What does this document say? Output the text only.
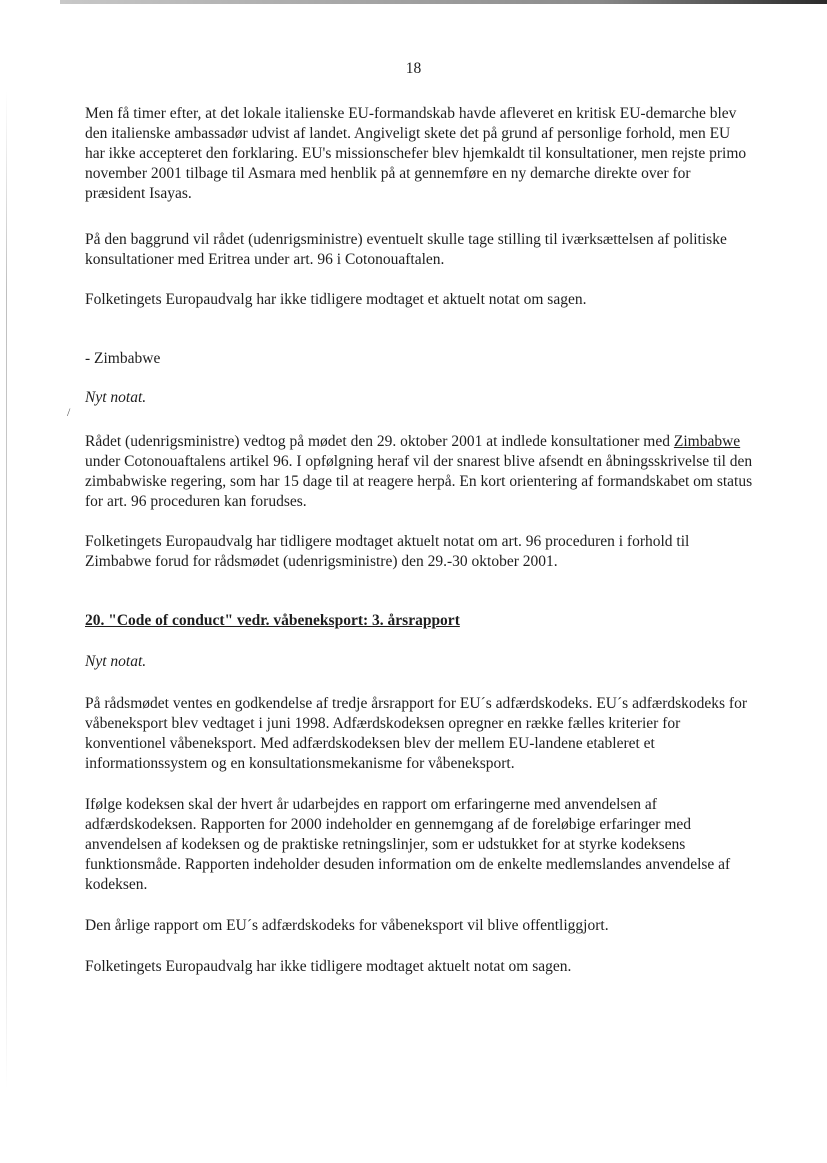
18

Men få timer efter, at det lokale italienske EU-formandskab havde afleveret en kritisk EU-demarche blev den italienske ambassadør udvist af landet. Angiveligt skete det på grund af personlige forhold, men EU har ikke accepteret den forklaring. EU's missionschefer blev hjemkaldt til konsultationer, men rejste primo november 2001 tilbage til Asmara med henblik på at gennemføre en ny demarche direkte over for præsident Isayas.

På den baggrund vil rådet (udenrigsministre) eventuelt skulle tage stilling til iværksættelsen af politiske konsultationer med Eritrea under art. 96 i Cotonouaftalen.

Folketingets Europaudvalg har ikke tidligere modtaget et aktuelt notat om sagen.

- Zimbabwe

Nyt notat.

/

Rådet (udenrigsministre) vedtog på mødet den 29. oktober 2001 at indlede konsultationer med Zimbabwe under Cotonouaftalens artikel 96. I opfølgning heraf vil der snarest blive afsendt en åbningsskrivelse til den zimbabwiske regering, som har 15 dage til at reagere herpå. En kort orientering af formandskabet om status for art. 96 proceduren kan forudses.

Folketingets Europaudvalg har tidligere modtaget aktuelt notat om art. 96 proceduren i forhold til Zimbabwe forud for rådsmødet (udenrigsministre) den 29.-30 oktober 2001.

20. "Code of conduct" vedr. våbeneksport: 3. årsrapport

Nyt notat.

På rådsmødet ventes en godkendelse af tredje årsrapport for EU´s adfærdskodeks. EU´s adfærdskodeks for våbeneksport blev vedtaget i juni 1998. Adfærdskodeksen opregner en række fælles kriterier for konventionel våbeneksport. Med adfærdskodeksen blev der mellem EU-landene etableret et informationssystem og en konsultationsmekanisme for våbeneksport.

Ifølge kodeksen skal der hvert år udarbejdes en rapport om erfaringerne med anvendelsen af adfærdskodeksen. Rapporten for 2000 indeholder en gennemgang af de foreløbige erfaringer med anvendelsen af kodeksen og de praktiske retningslinjer, som er udstukket for at styrke kodeksens funktionsmåde. Rapporten indeholder desuden information om de enkelte medlemslandes anvendelse af kodeksen.

Den årlige rapport om EU´s adfærdskodeks for våbeneksport vil blive offentliggjort.

Folketingets Europaudvalg har ikke tidligere modtaget aktuelt notat om sagen.
